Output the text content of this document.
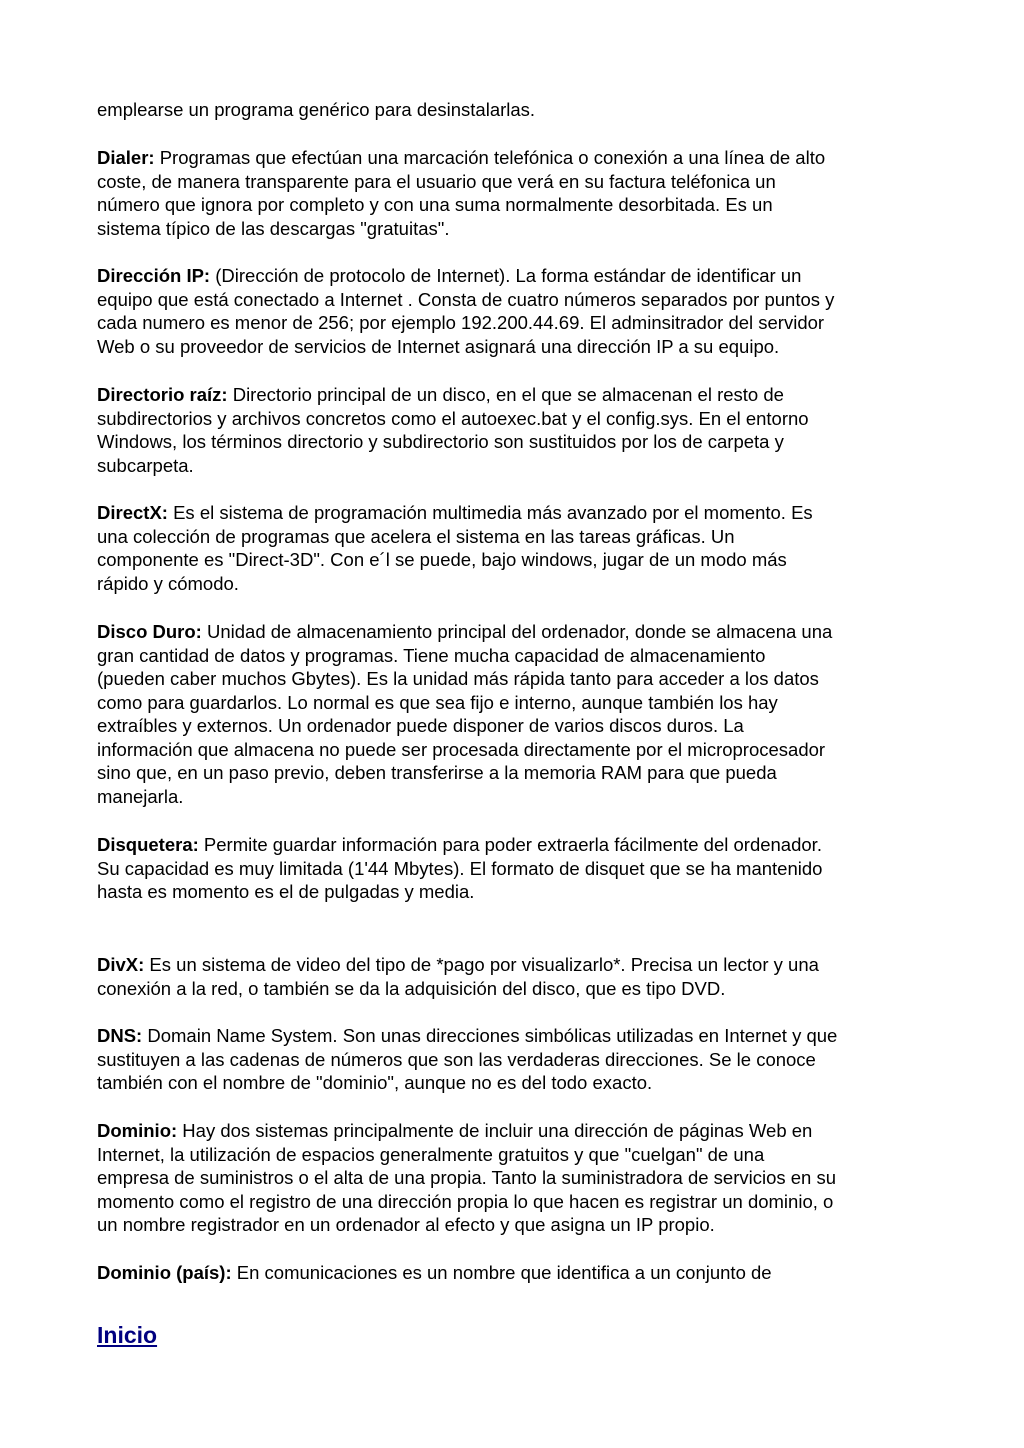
emplearse un programa genérico para desinstalarlas.

Dialer: Programas que efectúan una marcación telefónica o conexión a una línea de alto
coste, de manera transparente para el usuario que verá en su factura teléfonica un
número que ignora por completo y con una suma normalmente desorbitada. Es un
sistema típico de las descargas "gratuitas".

Dirección IP: (Dirección de protocolo de Internet). La forma estándar de identificar un
equipo que está conectado a Internet . Consta de cuatro números separados por puntos y
cada numero es menor de 256; por ejemplo 192.200.44.69. El adminsitrador del servidor
Web o su proveedor de servicios de Internet asignará una dirección IP a su equipo.

Directorio raíz: Directorio principal de un disco, en el que se almacenan el resto de
subdirectorios y archivos concretos como el autoexec.bat y el config.sys. En el entorno
Windows, los términos directorio y subdirectorio son sustituidos por los de carpeta y
subcarpeta.

DirectX: Es el sistema de programación multimedia más avanzado por el momento. Es
una colección de programas que acelera el sistema en las tareas gráficas. Un
componente es "Direct-3D". Con e´l se puede, bajo windows, jugar de un modo más
rápido y cómodo.

Disco Duro: Unidad de almacenamiento principal del ordenador, donde se almacena una
gran cantidad de datos y programas. Tiene mucha capacidad de almacenamiento
(pueden caber muchos Gbytes). Es la unidad más rápida tanto para acceder a los datos
como para guardarlos. Lo normal es que sea fijo e interno, aunque también los hay
extraíbles y externos. Un ordenador puede disponer de varios discos duros. La
información que almacena no puede ser procesada directamente por el microprocesador
sino que, en un paso previo, deben transferirse a la memoria RAM para que pueda
manejarla.

Disquetera: Permite guardar información para poder extraerla fácilmente del ordenador.
Su capacidad es muy limitada (1'44 Mbytes). El formato de disquet que se ha mantenido
hasta es momento es el de pulgadas y media.

DivX: Es un sistema de video del tipo de *pago por visualizarlo*. Precisa un lector y una
conexión a la red, o también se da la adquisición del disco, que es tipo DVD.

DNS: Domain Name System. Son unas direcciones simbólicas utilizadas en Internet y que
sustituyen a las cadenas de números que son las verdaderas direcciones. Se le conoce
también con el nombre de "dominio", aunque no es del todo exacto.

Dominio: Hay dos sistemas principalmente de incluir una dirección de páginas Web en
Internet, la utilización de espacios generalmente gratuitos y que "cuelgan" de una
empresa de suministros o el alta de una propia. Tanto la suministradora de servicios en su
momento como el registro de una dirección propia lo que hacen es registrar un dominio, o
un nombre registrador en un ordenador al efecto y que asigna un IP propio.

Dominio (país): En comunicaciones es un nombre que identifica a un conjunto de

Inicio
